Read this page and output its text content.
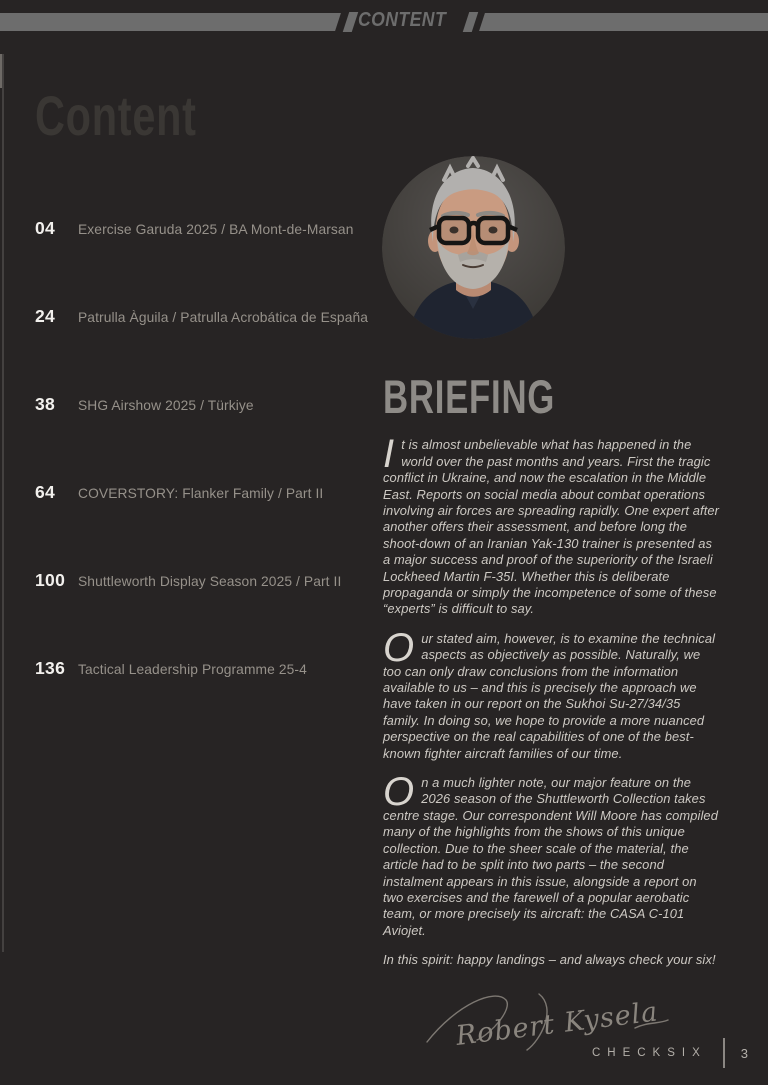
CONTENT
Content
04	Exercise Garuda 2025 / BA Mont-de-Marsan
24	Patrulla Àguila / Patrulla Acrobática de España
38	SHG Airshow 2025 / Türkiye
64	COVERSTORY: Flanker Family / Part II
100 Shuttleworth Display Season 2025 / Part II
136 Tactical Leadership Programme 25-4
BRIEFING

It is almost unbelievable what has happened in the world over the past months and years. First the tragic conflict in Ukraine, and now the escalation in the Middle East. Reports on social media about combat operations involving air forces are spreading rapidly. One expert after another offers their assessment, and before long the shoot-down of an Iranian Yak-130 trainer is presented as a major success and proof of the superiority of the Israeli Lockheed Martin F-35I. Whether this is deliberate propaganda or simply the incompetence of some of these “experts” is difficult to say.

Our stated aim, however, is to examine the technical aspects as objectively as possible. Naturally, we too can only draw conclusions from the information available to us – and this is precisely the approach we have taken in our report on the Sukhoi Su-27/34/35 family. In doing so, we hope to provide a more nuanced perspective on the real capabilities of one of the best-known fighter aircraft families of our time.

On a much lighter note, our major feature on the 2026 season of the Shuttleworth Collection takes centre stage. Our correspondent Will Moore has compiled many of the highlights from the shows of this unique collection. Due to the sheer scale of the material, the article had to be split into two parts – the second instalment appears in this issue, alongside a report on two exercises and the farewell of a popular aerobatic team, or more precisely its aircraft: the CASA C-101 Aviojet.

In this spirit: happy landings – and always check your six!

Robert Kysela
CHECKSIX	3
